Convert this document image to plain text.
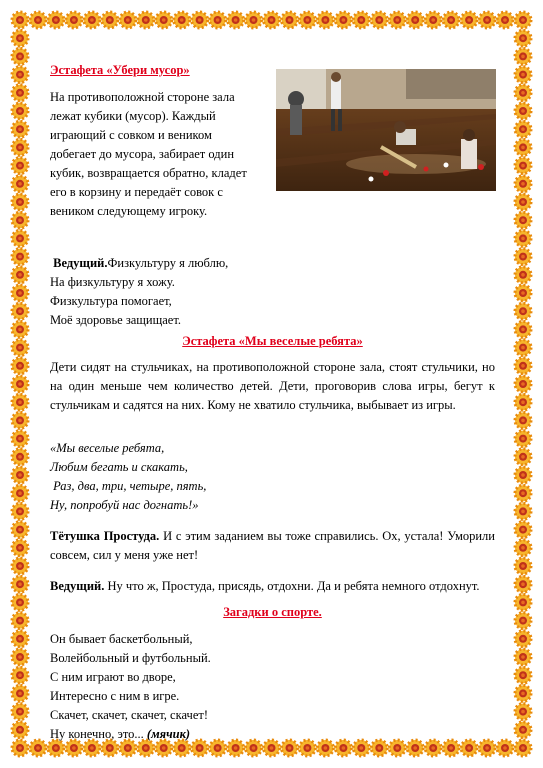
Эстафета «Убери мусор»

На противоположной стороне зала лежат кубики (мусор). Каждый играющий с совком и веником добегает до мусора, забирает один кубик, возвращается обратно, кладет его в корзину и передаёт совок с веником следующему игроку.

Ведущий.Физкультуру я люблю,

На физкультуру я хожу.

Физкультура помогает,

Моё здоровье защищает.

Эстафета «Мы веселые ребята»

Дети сидят на стульчиках, на противоположной стороне зала, стоят стульчики, но на один меньше чем количество детей. Дети, проговорив слова игры, бегут к стульчикам и садятся на них. Кому не хватило стульчика, выбывает из игры.

«Мы веселые ребята,

Любим бегать и скакать,

Раз, два, три, четыре, пять,

Ну, попробуй нас догнать!»

Тётушка Простуда. И с этим заданием вы тоже справились. Ох, устала! Уморили совсем, сил у меня уже нет!

Ведущий. Ну что ж, Простуда, присядь, отдохни. Да и ребята немного отдохнут.

Загадки о спорте.

Он бывает баскетбольный,

Волейбольный и футбольный.

С ним играют во дворе,

Интересно с ним в игре.

Скачет, скачет, скачет, скачет!

Ну конечно, это... (мячик)
